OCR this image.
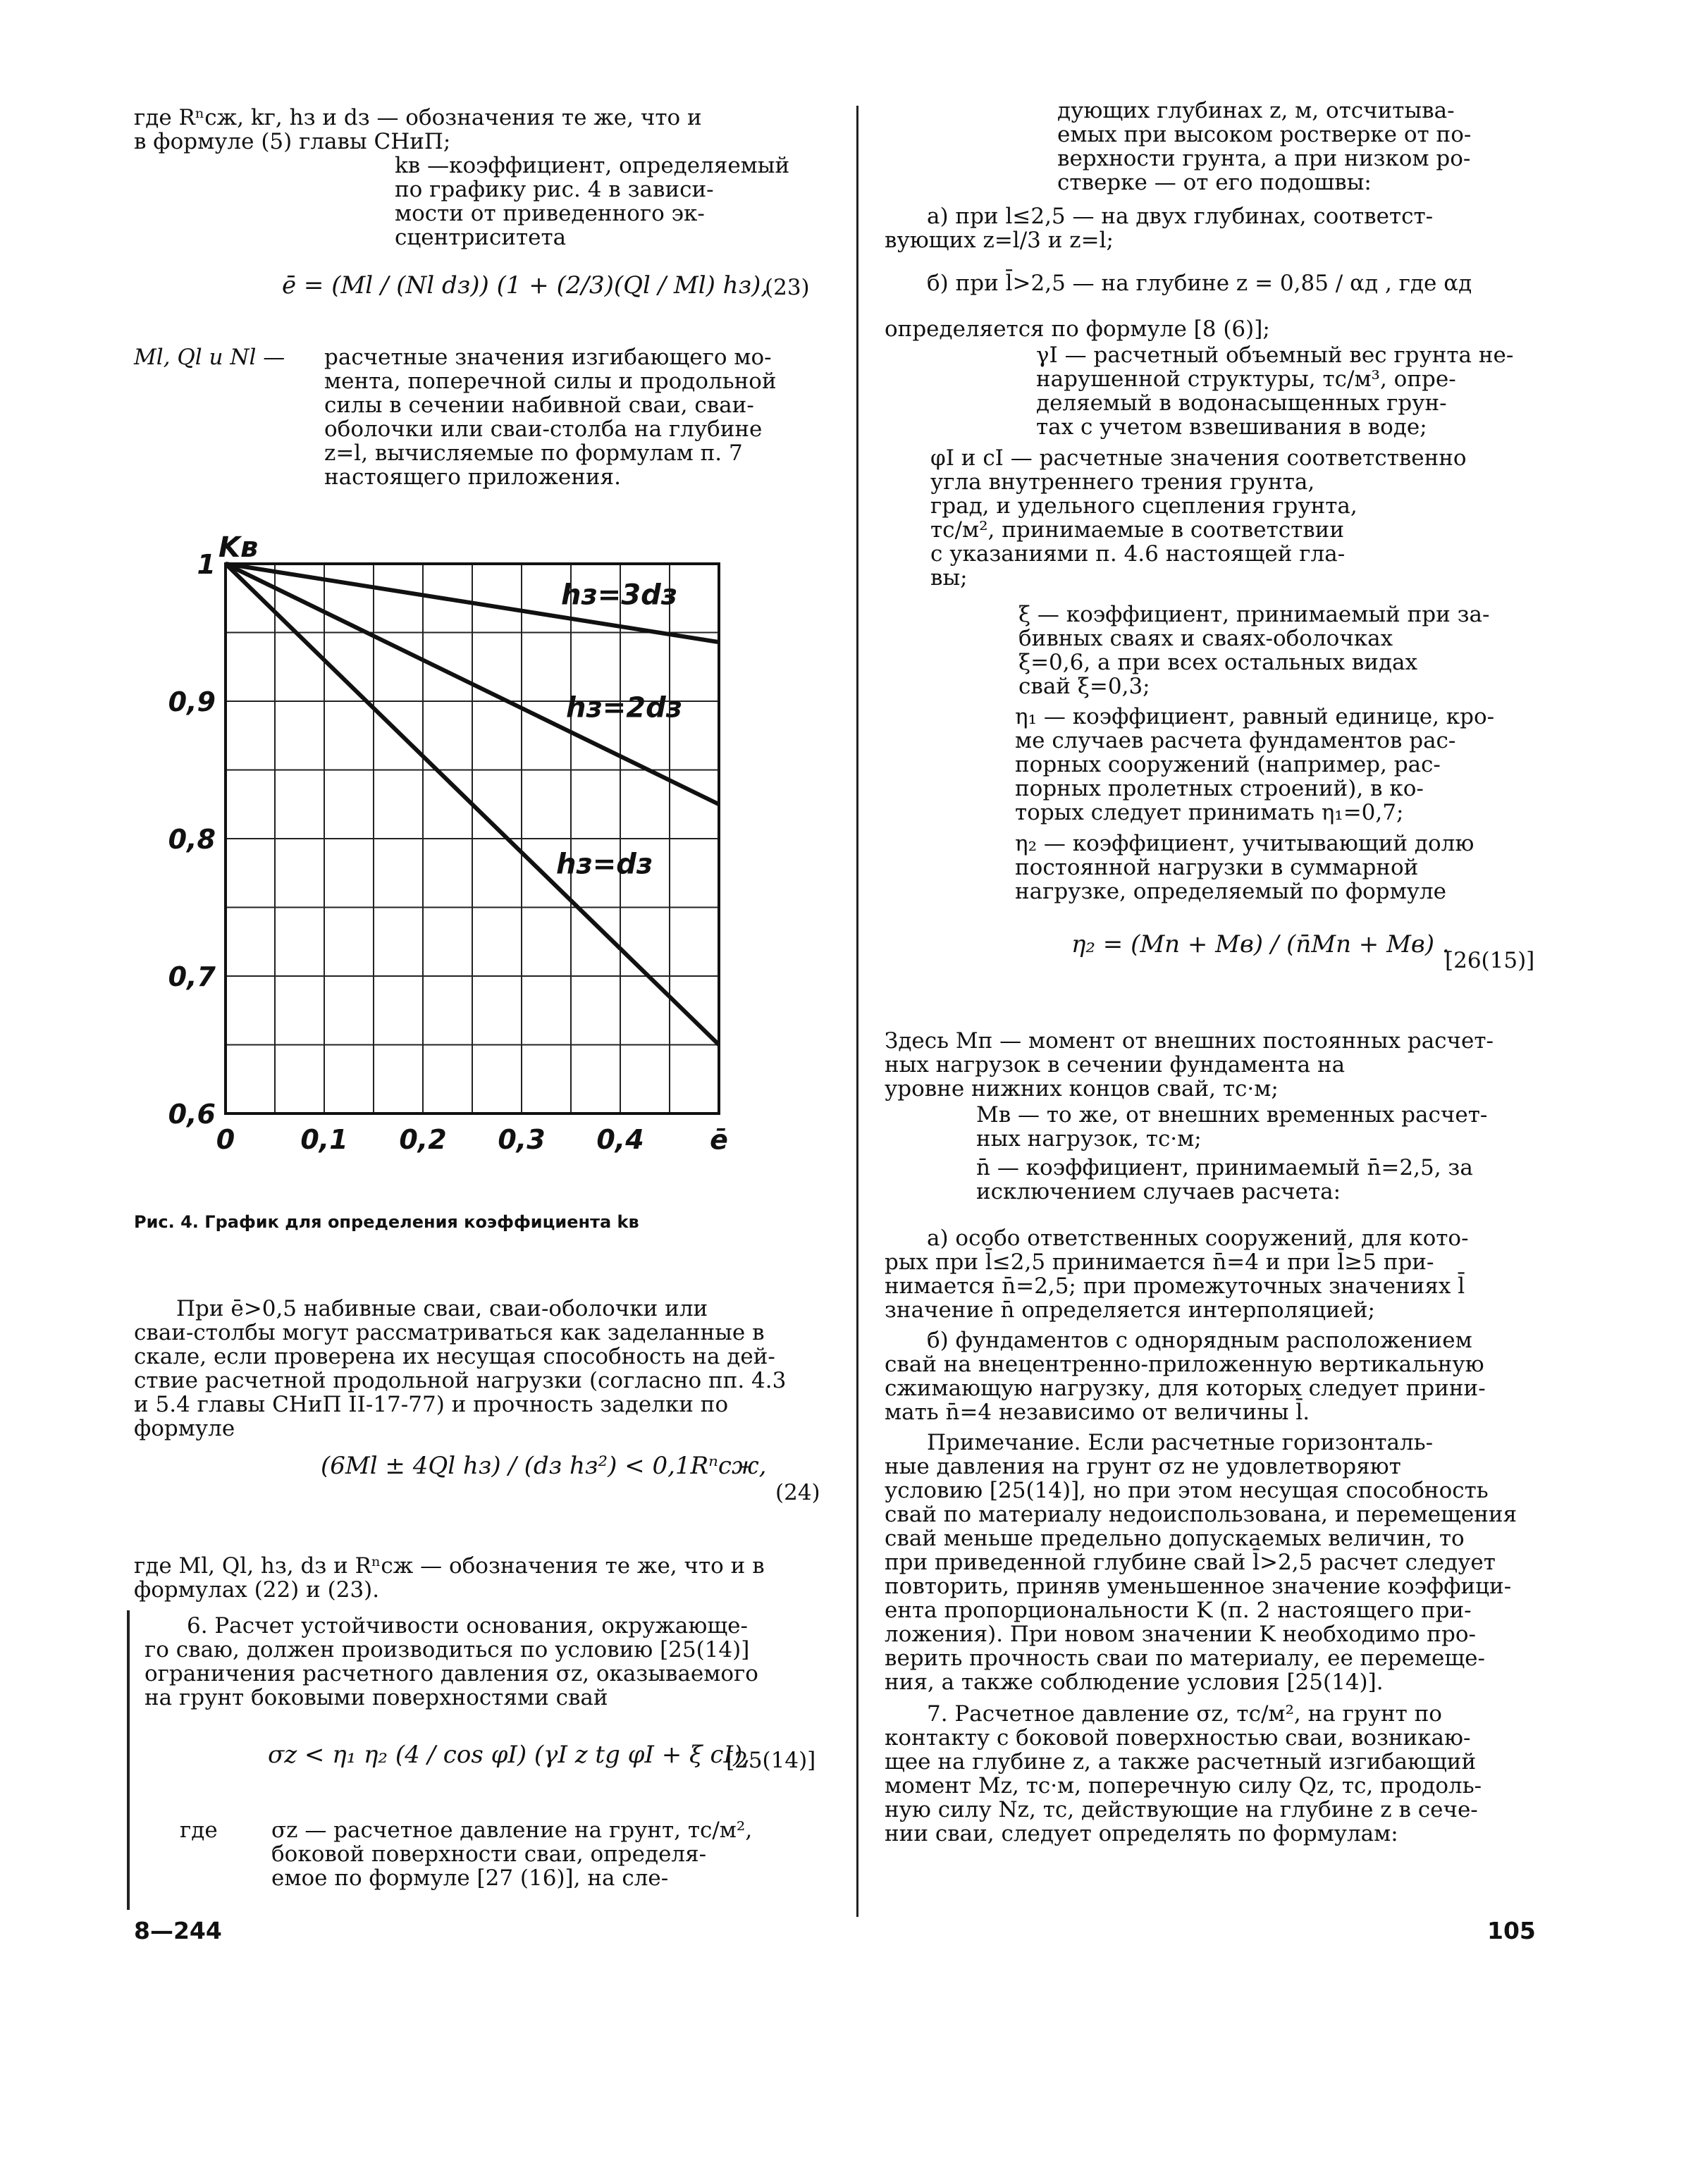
где Rⁿсж, kг, hз и dз — обозначения те же, что и
в формуле (5) главы СНиП;
kв —коэффициент, определяемый
по графику рис. 4 в зависи-
мости от приведенного эк-
сцентриситета
ē = (Ml / (Nl dз)) (1 + (2/3)(Ql / Ml) hз),
(23)
Ml, Ql и Nl —	расчетные значения изгибающего мо-
мента, поперечной силы и продольной
силы в сечении набивной сваи, сваи-
оболочки или сваи-столба на глубине
z=l, вычисляемые по формулам п. 7
настоящего приложения.
0 0,1 0,2 0,3 0,4 ē
1
0,9
0,8
0,7
0,6
hз=3dз
hз=2dз
hз=dз
Kв
Рис. 4. График для определения коэффициента kв
При ē>0,5 набивные сваи, сваи-оболочки или
сваи-столбы могут рассматриваться как заделанные в
скале, если проверена их несущая способность на дей-
ствие расчетной продольной нагрузки (согласно пп. 4.3
и 5.4 главы СНиП II-17-77) и прочность заделки по
формуле
(6Ml ± 4Ql hз) / (dз hз²) < 0,1Rⁿсж,
(24)
где Ml, Ql, hз, dз и Rⁿсж — обозначения те же, что и в
формулах (22) и (23).
6. Расчет устойчивости основания, окружающе-
го сваю, должен производиться по условию [25(14)]
ограничения расчетного давления σz, оказываемого
на грунт боковыми поверхностями свай
σz < η₁ η₂ (4 / cos φI) (γI z tg φI + ξ cI),
[25(14)]
где	σz — расчетное давление на грунт, тс/м²,
боковой поверхности сваи, определя-
емое по формуле [27 (16)], на сле-
8—244
дующих глубинах z, м, отсчитыва-
емых при высоком ростверке от по-
верхности грунта, а при низком ро-
стверке — от его подошвы:
а) при l≤2,5 — на двух глубинах, соответст-
вующих z=l/3 и z=l;
б) при l̄>2,5 — на глубине z = 0,85 / αд , где αд
определяется по формуле [8 (6)];
γI — расчетный объемный вес грунта не-
нарушенной структуры, тс/м³, опре-
деляемый в водонасыщенных грун-
тах с учетом взвешивания в воде;
φI и cI — расчетные значения соответственно
угла внутреннего трения грунта,
град, и удельного сцепления грунта,
тс/м², принимаемые в соответствии
с указаниями п. 4.6 настоящей гла-
вы;
ξ — коэффициент, принимаемый при за-
бивных сваях и сваях-оболочках
ξ=0,6, а при всех остальных видах
свай ξ=0,3;
η₁ — коэффициент, равный единице, кро-
ме случаев расчета фундаментов рас-
порных сооружений (например, рас-
порных пролетных строений), в ко-
торых следует принимать η₁=0,7;
η₂ — коэффициент, учитывающий долю
постоянной нагрузки в суммарной
нагрузке, определяемый по формуле
η₂ = (Mп + Mв) / (n̄Mп + Mв) .
[26(15)]
Здесь Mп — момент от внешних постоянных расчет-
ных нагрузок в сечении фундамента на
уровне нижних концов свай, тс·м;
Mв — то же, от внешних временных расчет-
ных нагрузок, тс·м;
n̄ — коэффициент, принимаемый n̄=2,5, за
исключением случаев расчета:
а) особо ответственных сооружений, для кото-
рых при l̄≤2,5 принимается n̄=4 и при l̄≥5 при-
нимается n̄=2,5; при промежуточных значениях l̄
значение n̄ определяется интерполяцией;
б) фундаментов с однорядным расположением
свай на внецентренно-приложенную вертикальную
сжимающую нагрузку, для которых следует прини-
мать n̄=4 независимо от величины l̄.
Примечание. Если расчетные горизонталь-
ные давления на грунт σz не удовлетворяют
условию [25(14)], но при этом несущая способность
свай по материалу недоиспользована, и перемещения
свай меньше предельно допускаемых величин, то
при приведенной глубине свай l̄>2,5 расчет следует
повторить, приняв уменьшенное значение коэффици-
ента пропорциональности K (п. 2 настоящего при-
ложения). При новом значении K необходимо про-
верить прочность сваи по материалу, ее перемеще-
ния, а также соблюдение условия [25(14)].
7. Расчетное давление σz, тс/м², на грунт по
контакту с боковой поверхностью сваи, возникаю-
щее на глубине z, а также расчетный изгибающий
момент Mz, тс·м, поперечную силу Qz, тс, продоль-
ную силу Nz, тс, действующие на глубине z в сече-
нии сваи, следует определять по формулам:
105
